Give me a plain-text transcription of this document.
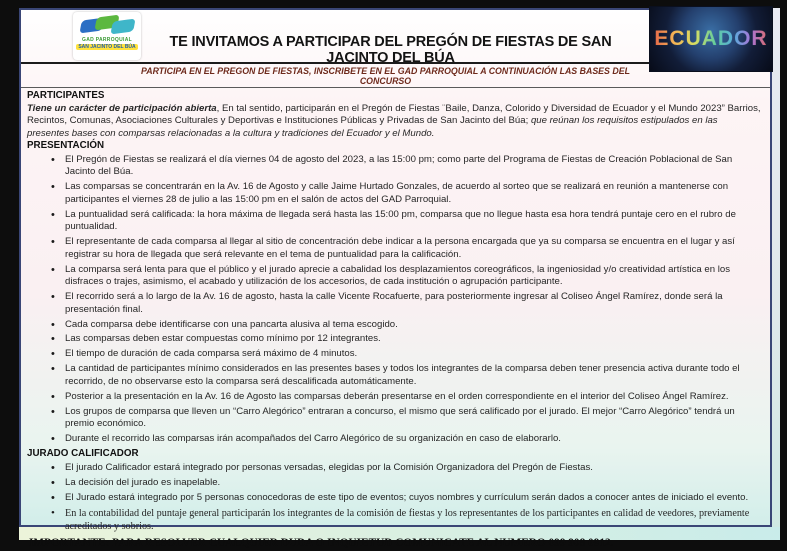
GAD PARROQUIAL
SAN JACINTO DEL BÚA	TE INVITAMOS A PARTICIPAR DEL PREGÓN DE FIESTAS DE SAN JACINTO DEL BÚA
ECUADOR
PARTICIPA EN EL PREGON DE FIESTAS, INSCRIBETE EN EL GAD PARROQUIAL A CONTINUACIÓN LAS BASES DEL CONCURSO
PARTICIPANTES

Tiene un carácter de participación abierta, En tal sentido, participarán en el Pregón de Fiestas ¨Baile, Danza, Colorido y Diversidad de Ecuador y el Mundo 2023” Barrios, Recintos, Comunas, Asociaciones Culturales y Deportivas e Instituciones Públicas y Privadas de San Jacinto del Búa; que reúnan los requisitos estipulados en las presentes bases con comparsas relacionadas a la cultura y tradiciones del Ecuador y el Mundo.

PRESENTACIÓN
• El Pregón de Fiestas se realizará el día viernes 04 de agosto del 2023, a las 15:00 pm; como parte del Programa de Fiestas de Creación Poblacional de San Jacinto del Búa.
• Las comparsas se concentrarán en la Av. 16 de Agosto y calle Jaime Hurtado Gonzales, de acuerdo al sorteo que se realizará en reunión a mantenerse con participantes el viernes 28 de julio a las 15:00 pm en el salón de actos del GAD Parroquial.
• La puntualidad será calificada: la hora máxima de llegada será hasta las 15:00 pm, comparsa que no llegue hasta esa hora tendrá puntaje cero en el rubro de puntualidad.
• El representante de cada comparsa al llegar al sitio de concentración debe indicar a la persona encargada que ya su comparsa se encuentra en el lugar y así registrar su hora de llegada que será relevante en el tema de puntualidad para la calificación.
• La comparsa será lenta para que el público y el jurado aprecie a cabalidad los desplazamientos coreográficos, la ingeniosidad y/o creatividad artística en los disfraces o trajes, asimismo, el acabado y utilización de los accesorios, de cada institución o agrupación participante.
• El recorrido será a lo largo de la Av. 16 de agosto, hasta la calle Vicente Rocafuerte, para posteriormente ingresar al Coliseo Ángel Ramírez, donde será la presentación final.
• Cada comparsa debe identificarse con una pancarta alusiva al tema escogido.
• Las comparsas deben estar compuestas como mínimo por 12 integrantes.
• El tiempo de duración de cada comparsa será máximo de 4 minutos.
• La cantidad de participantes mínimo considerados en las presentes bases y todos los integrantes de la comparsa deben tener presencia activa durante todo el recorrido, de no observarse esto la comparsa será descalificada automáticamente.
• Posterior a la presentación en la Av. 16 de Agosto las comparsas deberán presentarse en el orden correspondiente en el interior del Coliseo Ángel Ramírez.
• Los grupos de comparsa que lleven un “Carro Alegórico” entraran a concurso, el mismo que será calificado por el jurado. El mejor “Carro Alegórico” tendrá un premio económico.
• Durante el recorrido las comparsas irán acompañados del Carro Alegórico de su organización en caso de elaborarlo.
JURADO CALIFICADOR
• El jurado Calificador estará integrado por personas versadas, elegidas por la Comisión Organizadora del Pregón de Fiestas.
• La decisión del jurado es inapelable.
• El Jurado estará integrado por 5 personas conocedoras de este tipo de eventos; cuyos nombres y currículum serán dados a conocer antes de iniciado el evento.
• En la contabilidad del puntaje general participarán los integrantes de la comisión de fiestas y los representantes de los participantes en calidad de veedores, previamente acreditados y sobrios.
IMPORTANTE: PARA RESOLVER CUALQUIER DUDA O INQUIETUD COMUNICATE AL NUMERO 099 908 0912.
